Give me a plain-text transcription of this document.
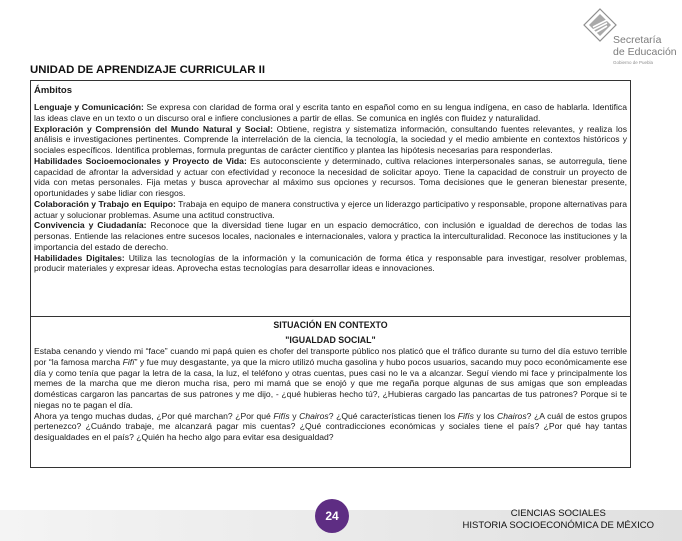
Secretaría
de Educación
Gobierno de Puebla
UNIDAD DE APRENDIZAJE CURRICULAR II
Ámbitos

Lenguaje y Comunicación: Se expresa con claridad de forma oral y escrita tanto en español como en su lengua indígena, en caso de hablarla. Identifica las ideas clave en un texto o un discurso oral e infiere conclusiones a partir de ellas. Se comunica en inglés con fluidez y naturalidad.

Exploración y Comprensión del Mundo Natural y Social: Obtiene, registra y sistematiza información, consultando fuentes relevantes, y realiza los análisis e investigaciones pertinentes. Comprende la interrelación de la ciencia, la tecnología, la sociedad y el medio ambiente en contextos históricos y sociales específicos. Identifica problemas, formula preguntas de carácter científico y plantea las hipótesis necesarias para responderlas.

Habilidades Socioemocionales y Proyecto de Vida: Es autoconsciente y determinado, cultiva relaciones interpersonales sanas, se autorregula, tiene capacidad de afrontar la adversidad y actuar con efectividad y reconoce la necesidad de solicitar apoyo. Tiene la capacidad de construir un proyecto de vida con metas personales. Fija metas y busca aprovechar al máximo sus opciones y recursos. Toma decisiones que le generan bienestar presente, oportunidades y sabe lidiar con riesgos.

Colaboración y Trabajo en Equipo: Trabaja en equipo de manera constructiva y ejerce un liderazgo participativo y responsable, propone alternativas para actuar y solucionar problemas. Asume una actitud constructiva.

Convivencia y Ciudadanía: Reconoce que la diversidad tiene lugar en un espacio democrático, con inclusión e igualdad de derechos de todas las personas. Entiende las relaciones entre sucesos locales, nacionales e internacionales, valora y practica la interculturalidad. Reconoce las instituciones y la importancia del estado de derecho.

Habilidades Digitales: Utiliza las tecnologías de la información y la comunicación de forma ética y responsable para investigar, resolver problemas, producir materiales y expresar ideas. Aprovecha estas tecnologías para desarrollar ideas e innovaciones.

SITUACIÓN EN CONTEXTO
"IGUALDAD SOCIAL"

Estaba cenando y viendo mi “face” cuando mi papá quien es chofer del transporte público nos platicó que el tráfico durante su turno del día estuvo terrible por “la famosa marcha Fifí” y fue muy desgastante, ya que la micro utilizó mucha gasolina y hubo pocos usuarios, sacando muy poco económicamente ese día y como tenía que pagar la letra de la casa, la luz, el teléfono y otras cuentas, pues casi no le va a alcanzar. Seguí viendo mi face y principalmente los memes de la marcha que me dieron mucha risa, pero mi mamá que se enojó y que me regaña porque algunas de sus amigas que son empleadas domésticas cargaron las pancartas de sus patrones y me dijo, - ¿qué hubieras hecho tú?, ¿Hubieras cargado las pancartas de tus patrones? Porque si te niegas no te pagan el día.

Ahora ya tengo muchas dudas, ¿Por qué marchan? ¿Por qué Fifís y Chairos? ¿Qué características tienen los Fifís y los Chairos? ¿A cuál de estos grupos pertenezco? ¿Cuándo trabaje, me alcanzará pagar mis cuentas? ¿Qué contradicciones económicas y sociales tiene el país? ¿Por qué hay tantas desigualdades en el país? ¿Quién ha hecho algo para evitar esa desigualdad?

24	CIENCIAS SOCIALES
HISTORIA SOCIOECONÓMICA DE MÉXICO
